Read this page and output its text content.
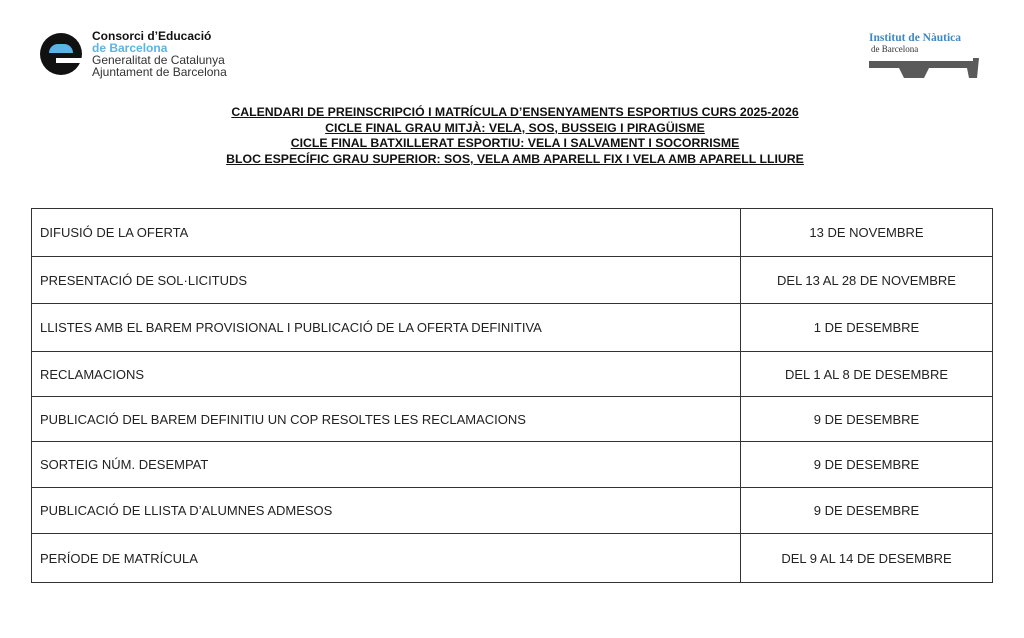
Consorci d’Educació
de Barcelona
Generalitat de Catalunya
Ajuntament de Barcelona
Institut de Nàutica
de Barcelona
CALENDARI DE PREINSCRIPCIÓ I MATRÍCULA D’ENSENYAMENTS ESPORTIUS CURS 2025-2026
CICLE FINAL GRAU MITJÀ: VELA, SOS, BUSSEIG I PIRAGÜISME
CICLE FINAL BATXILLERAT ESPORTIU: VELA I SALVAMENT I SOCORRISME
BLOC ESPECÍFIC GRAU SUPERIOR: SOS, VELA AMB APARELL FIX I VELA AMB APARELL LLIURE
DIFUSIÓ DE LA OFERTA	13 DE NOVEMBRE
PRESENTACIÓ DE SOL·LICITUDS	DEL 13 AL 28 DE NOVEMBRE
LLISTES AMB EL BAREM PROVISIONAL I PUBLICACIÓ DE LA OFERTA DEFINITIVA	1 DE DESEMBRE
RECLAMACIONS	DEL 1 AL 8 DE DESEMBRE
PUBLICACIÓ DEL BAREM DEFINITIU UN COP RESOLTES LES RECLAMACIONS	9 DE DESEMBRE
SORTEIG NÚM. DESEMPAT	9 DE DESEMBRE
PUBLICACIÓ DE LLISTA D’ALUMNES ADMESOS	9 DE DESEMBRE
PERÍODE DE MATRÍCULA	DEL 9 AL 14 DE DESEMBRE
